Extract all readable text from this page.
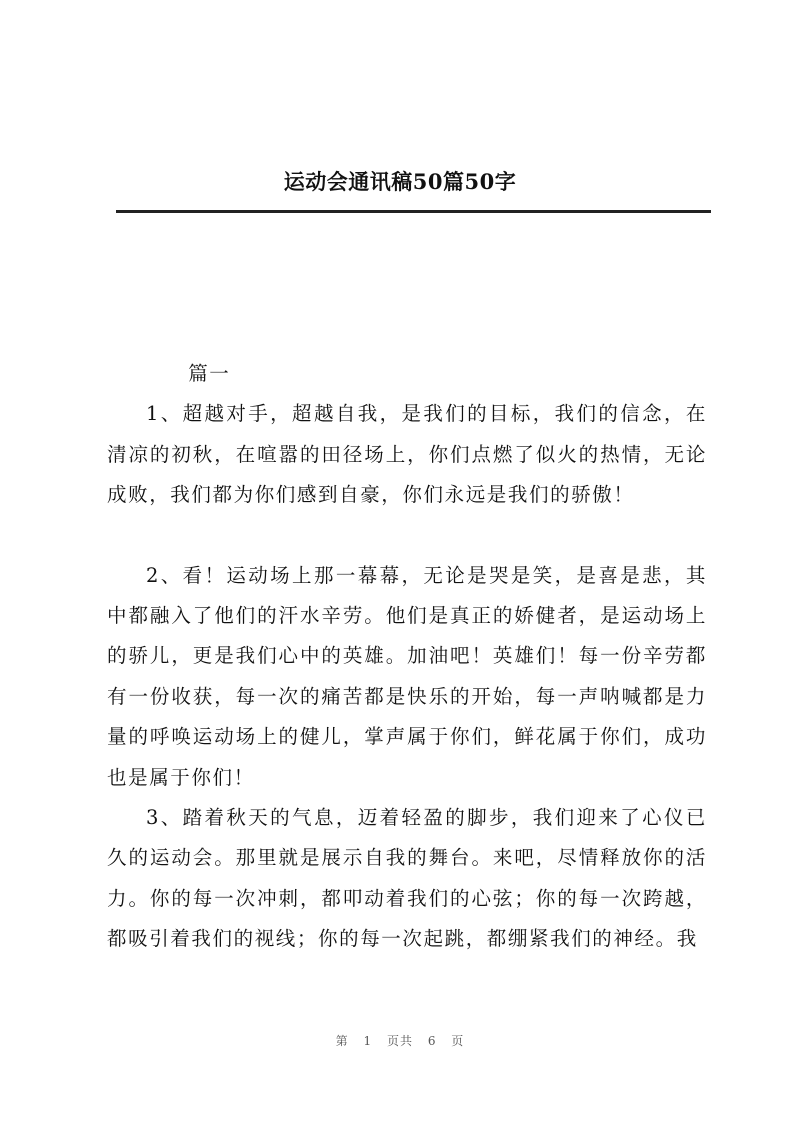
运动会通讯稿50篇50字

　　篇一

1、超越对手，超越自我，是我们的目标，我们的信念，在清凉的初秋，在喧嚣的田径场上，你们点燃了似火的热情，无论成败，我们都为你们感到自豪，你们永远是我们的骄傲！

2、看！运动场上那一幕幕，无论是哭是笑，是喜是悲，其中都融入了他们的汗水辛劳。他们是真正的娇健者，是运动场上的骄儿，更是我们心中的英雄。加油吧！英雄们！每一份辛劳都有一份收获，每一次的痛苦都是快乐的开始，每一声呐喊都是力量的呼唤运动场上的健儿，掌声属于你们，鲜花属于你们，成功也是属于你们！

3、踏着秋天的气息，迈着轻盈的脚步，我们迎来了心仪已久的运动会。那里就是展示自我的舞台。来吧，尽情释放你的活力。你的每一次冲刺，都叩动着我们的心弦；你的每一次跨越，都吸引着我们的视线；你的每一次起跳，都绷紧我们的神经。我

第 1 页共 6 页
